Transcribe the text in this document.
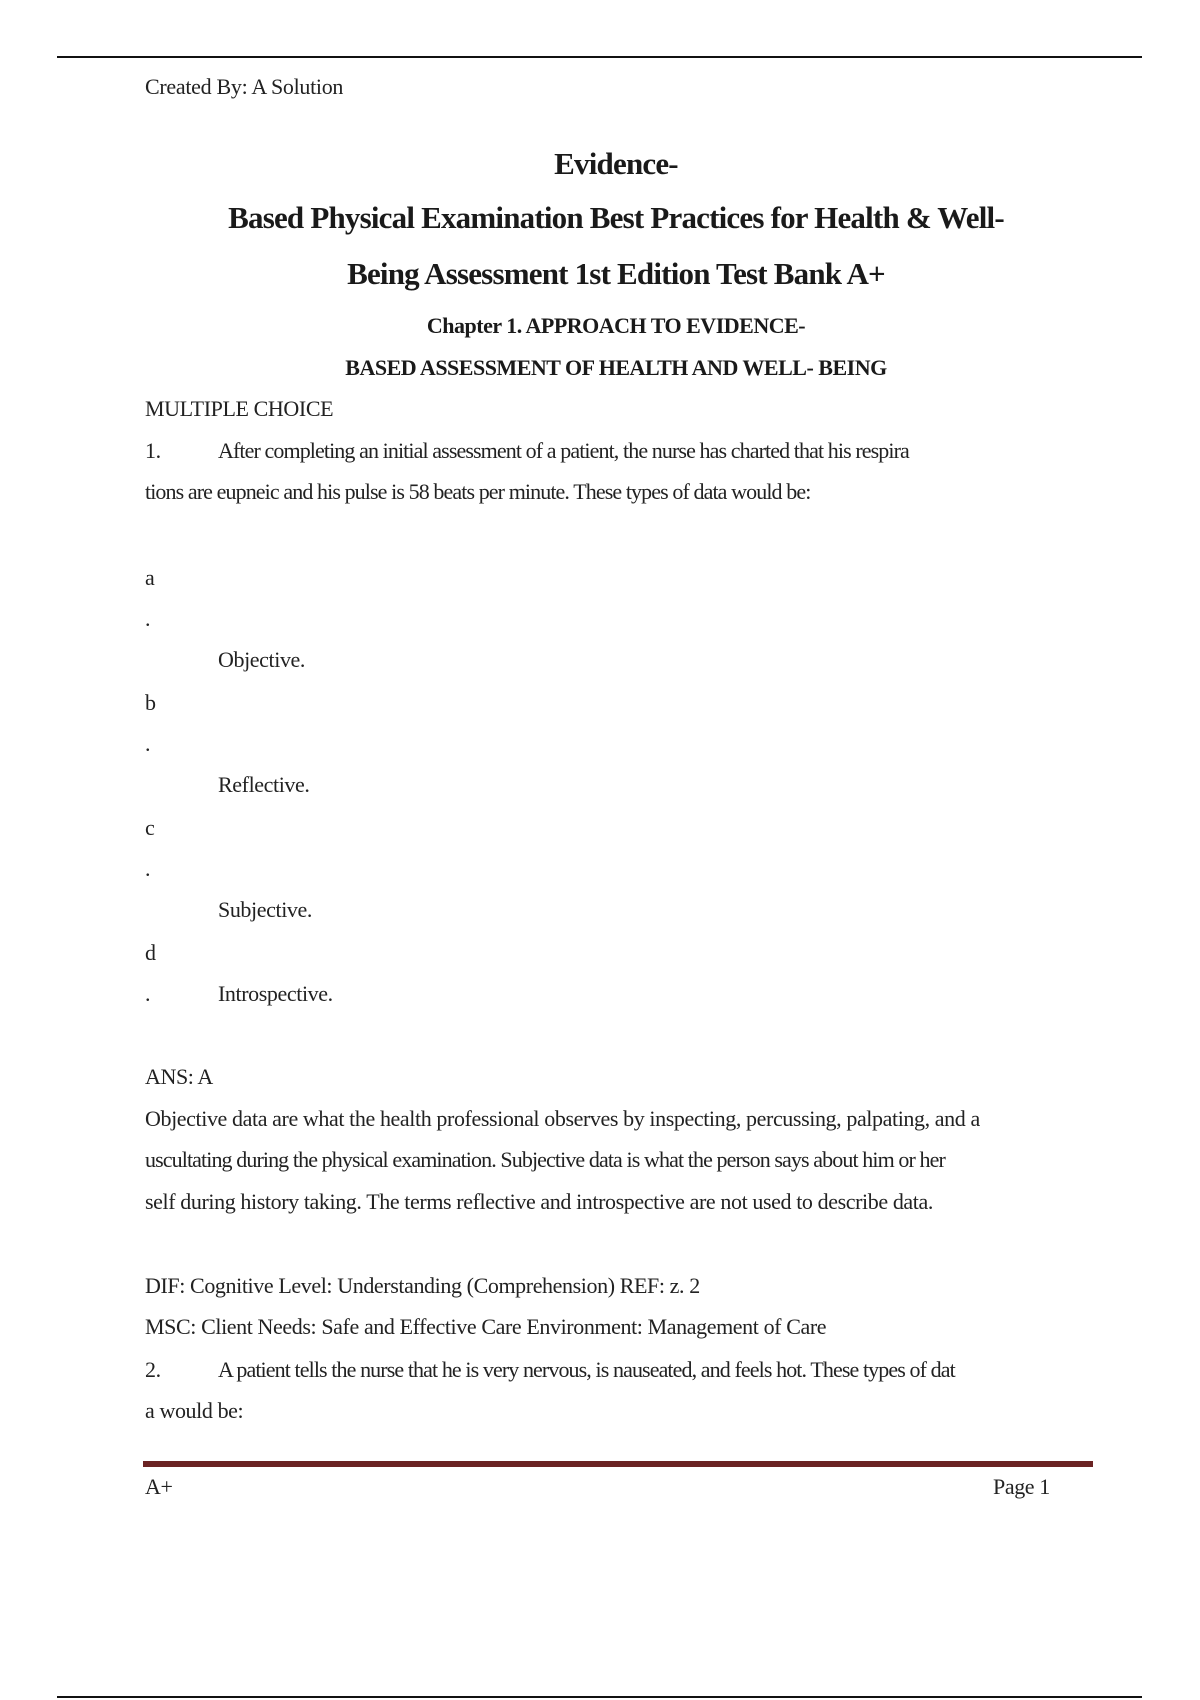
Created By: A Solution
Evidence-
Based Physical Examination Best Practices for Health & Well-
Being Assessment 1st Edition Test Bank A+
Chapter 1. APPROACH TO EVIDENCE-
BASED ASSESSMENT OF HEALTH AND WELL- BEING
MULTIPLE CHOICE
1.	After completing an initial assessment of a patient, the nurse has charted that his respira
tions are eupneic and his pulse is 58 beats per minute. These types of data would be:
a
.
Objective.
b
.
Reflective.
c
.
Subjective.
d
.	Introspective.
ANS: A
Objective data are what the health professional observes by inspecting, percussing, palpating, and a
uscultating during the physical examination. Subjective data is what the person says about him or her
self during history taking. The terms reflective and introspective are not used to describe data.
DIF: Cognitive Level: Understanding (Comprehension) REF: z. 2
MSC: Client Needs: Safe and Effective Care Environment: Management of Care
2.	A patient tells the nurse that he is very nervous, is nauseated, and feels hot. These types of dat
a would be:
A+	Page 1
